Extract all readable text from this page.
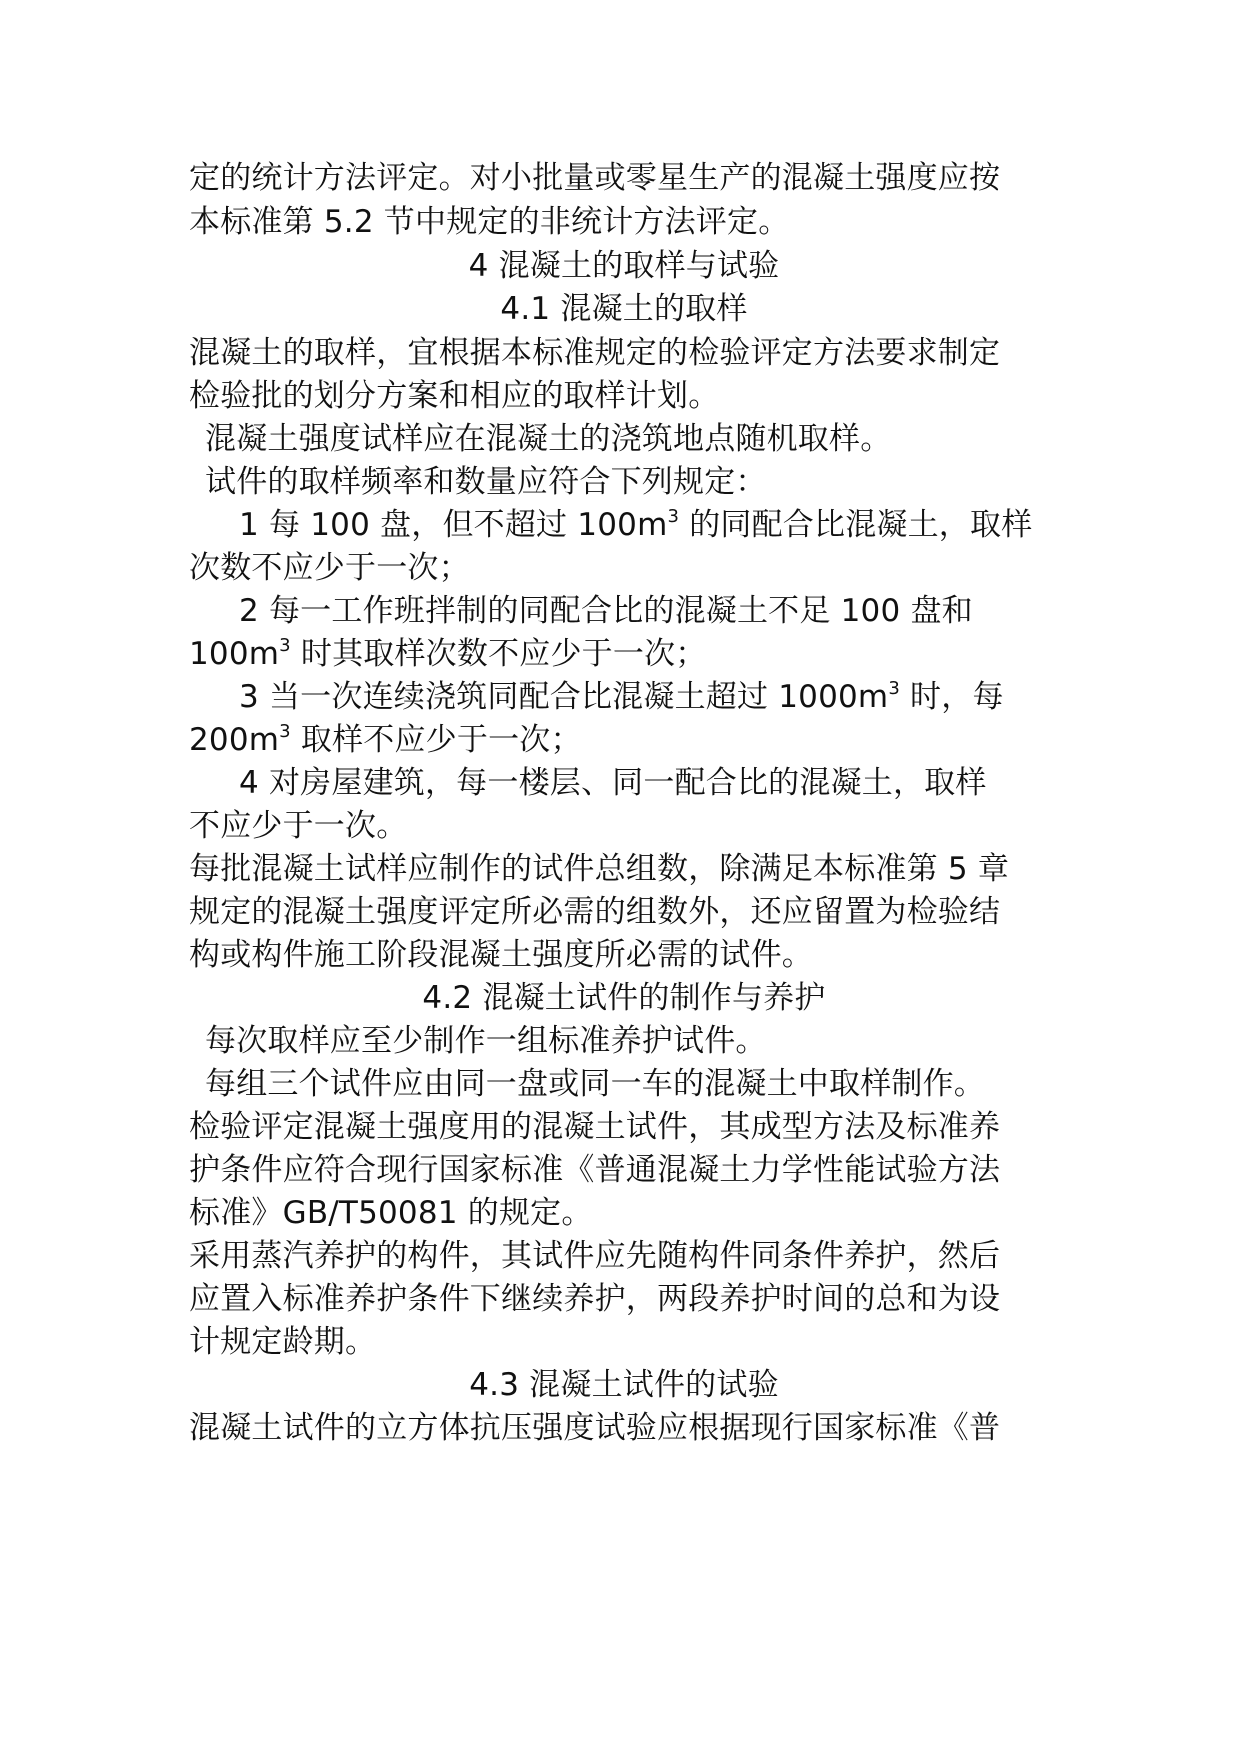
定的统计方法评定。对小批量或零星生产的混凝土强度应按
本标准第 5.2 节中规定的非统计方法评定。
4 混凝土的取样与试验
4.1 混凝土的取样
混凝土的取样，宜根据本标准规定的检验评定方法要求制定
检验批的划分方案和相应的取样计划。
混凝土强度试样应在混凝土的浇筑地点随机取样。
试件的取样频率和数量应符合下列规定：
1 每 100 盘，但不超过 $100m^3$ 的同配合比混凝土，取样
次数不应少于一次；
2 每一工作班拌制的同配合比的混凝土不足 100 盘和
$100m^3$ 时其取样次数不应少于一次；
3 当一次连续浇筑同配合比混凝土超过 $1000m^3$ 时，每
$200m^3$ 取样不应少于一次；
4 对房屋建筑，每一楼层、同一配合比的混凝土，取样
不应少于一次。
每批混凝土试样应制作的试件总组数，除满足本标准第 5 章
规定的混凝土强度评定所必需的组数外，还应留置为检验结
构或构件施工阶段混凝土强度所必需的试件。
4.2 混凝土试件的制作与养护
每次取样应至少制作一组标准养护试件。
每组三个试件应由同一盘或同一车的混凝土中取样制作。
检验评定混凝土强度用的混凝土试件，其成型方法及标准养
护条件应符合现行国家标准《普通混凝土力学性能试验方法
标准》GB/T50081 的规定。
采用蒸汽养护的构件，其试件应先随构件同条件养护，然后
应置入标准养护条件下继续养护，两段养护时间的总和为设
计规定龄期。
4.3 混凝土试件的试验
混凝土试件的立方体抗压强度试验应根据现行国家标准《普
